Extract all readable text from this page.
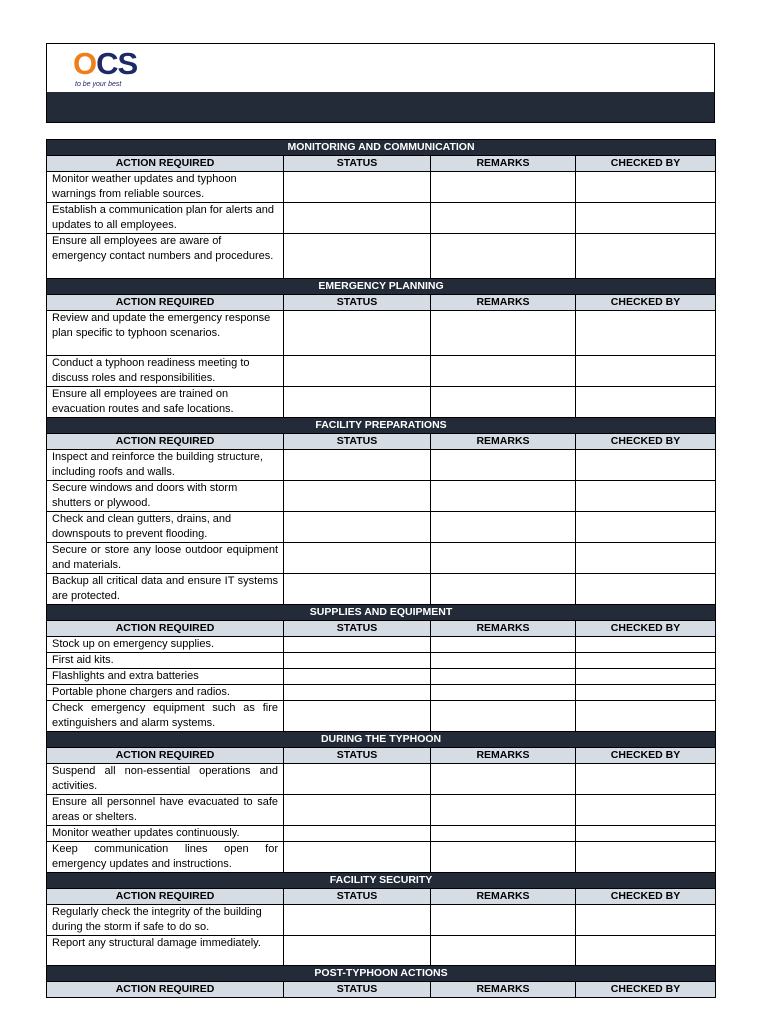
OCS
to be your best
MONITORING AND COMMUNICATION			
ACTION REQUIRED	STATUS	REMARKS	CHECKED BY
Monitor weather updates and typhoon warnings from reliable sources.			
Establish a communication plan for alerts and updates to all employees.			
Ensure all employees are aware of emergency contact numbers and procedures.			
EMERGENCY PLANNING			
ACTION REQUIRED	STATUS	REMARKS	CHECKED BY
Review and update the emergency response plan specific to typhoon scenarios.			
Conduct a typhoon readiness meeting to discuss roles and responsibilities.			
Ensure all employees are trained on evacuation routes and safe locations.			
FACILITY PREPARATIONS			
ACTION REQUIRED	STATUS	REMARKS	CHECKED BY
Inspect and reinforce the building structure, including roofs and walls.			
Secure windows and doors with storm shutters or plywood.			
Check and clean gutters, drains, and downspouts to prevent flooding.			
Secure or store any loose outdoor equipment and materials.			
Backup all critical data and ensure IT systems are protected.			
SUPPLIES AND EQUIPMENT			
ACTION REQUIRED	STATUS	REMARKS	CHECKED BY
Stock up on emergency supplies.			
First aid kits.			
Flashlights and extra batteries			
Portable phone chargers and radios.			
Check emergency equipment such as fire extinguishers and alarm systems.			
DURING THE TYPHOON			
ACTION REQUIRED	STATUS	REMARKS	CHECKED BY
Suspend all non-essential operations and activities.			
Ensure all personnel have evacuated to safe areas or shelters.			
Monitor weather updates continuously.			
Keep communication lines open for emergency updates and instructions.			
FACILITY SECURITY			
ACTION REQUIRED	STATUS	REMARKS	CHECKED BY
Regularly check the integrity of the building during the storm if safe to do so.			
Report any structural damage immediately.			
POST-TYPHOON ACTIONS			
ACTION REQUIRED	STATUS	REMARKS	CHECKED BY
